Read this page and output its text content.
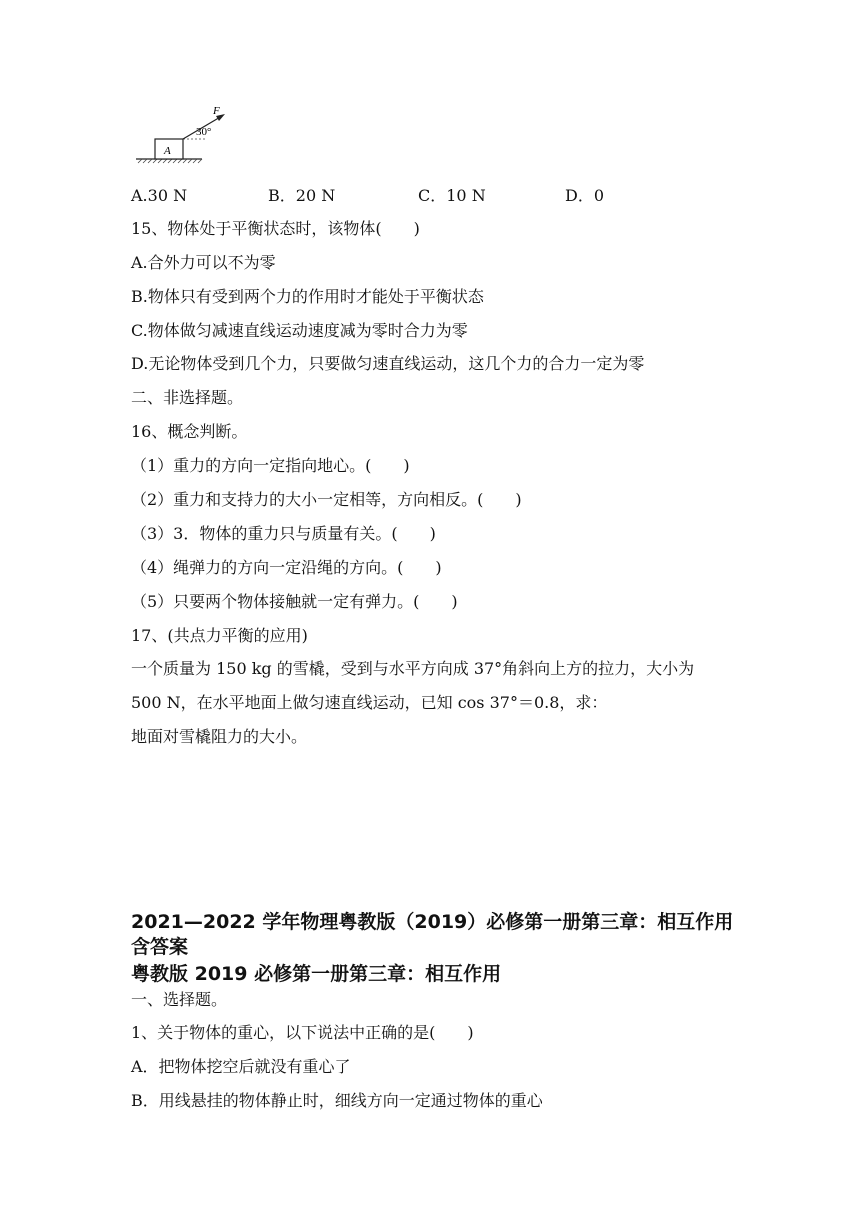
A
F
30°
A.30 N	B．20 N	C．10 N	D．0
15、物体处于平衡状态时，该物体(　　)
A.合外力可以不为零
B.物体只有受到两个力的作用时才能处于平衡状态
C.物体做匀减速直线运动速度减为零时合力为零
D.无论物体受到几个力，只要做匀速直线运动，这几个力的合力一定为零
二、非选择题。
16、概念判断。
（1）重力的方向一定指向地心。(　　)
（2）重力和支持力的大小一定相等，方向相反。(　　)
（3）3．物体的重力只与质量有关。(　　)
（4）绳弹力的方向一定沿绳的方向。(　　)
（5）只要两个物体接触就一定有弹力。(　　)
17、(共点力平衡的应用)
一个质量为 150 kg 的雪橇，受到与水平方向成 37°角斜向上方的拉力，大小为
500 N，在水平地面上做匀速直线运动，已知 cos 37°＝0.8，求：
地面对雪橇阻力的大小。
2021—2022 学年物理粤教版（2019）必修第一册第三章：相互作用
含答案
粤教版 2019 必修第一册第三章：相互作用
一、选择题。
1、关于物体的重心，以下说法中正确的是(　　)
A．把物体挖空后就没有重心了
B．用线悬挂的物体静止时，细线方向一定通过物体的重心
